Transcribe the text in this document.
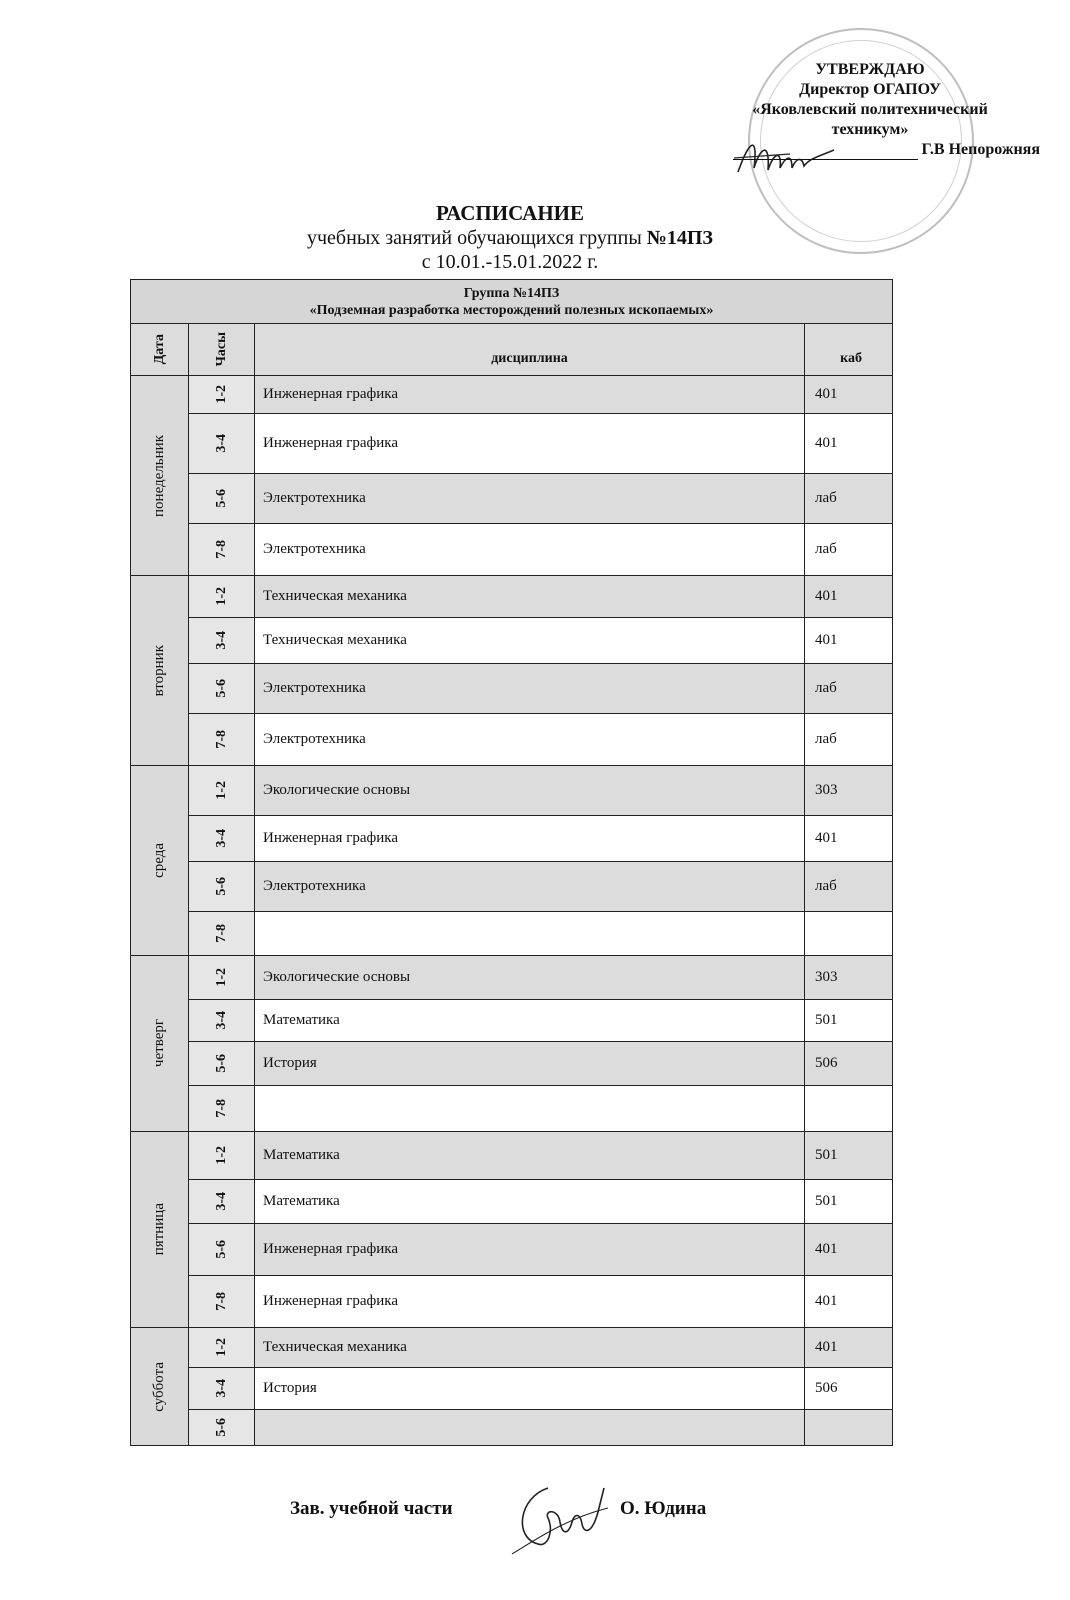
УТВЕРЖДАЮ
Директор ОГАПОУ
«Яковлевский политехнический
техникум»
Г.В Непорожняя
РАСПИСАНИЕ
учебных занятий обучающихся группы №14ПЗ
с 10.01.-15.01.2022 г.
Группа №14ПЗ
«Подземная разработка месторождений полезных ископаемых»			

Дата	Часы	дисциплина	каб

понедельник	1-2	Инженерная графика	401

	3-4	Инженерная графика	401

	5-6	Электротехника	лаб

	7-8	Электротехника	лаб

вторник	1-2	Техническая механика	401

	3-4	Техническая механика	401

	5-6	Электротехника	лаб

	7-8	Электротехника	лаб

среда	1-2	Экологические основы	303

	3-4	Инженерная графика	401

	5-6	Электротехника	лаб

	7-8		

четверг	1-2	Экологические основы	303

	3-4	Математика	501

	5-6	История	506

	7-8		

пятница	1-2	Математика	501

	3-4	Математика	501

	5-6	Инженерная графика	401

	7-8	Инженерная графика	401

суббота	1-2	Техническая механика	401

	3-4	История	506

	5-6		

Зав. учебной части	О. Юдина
